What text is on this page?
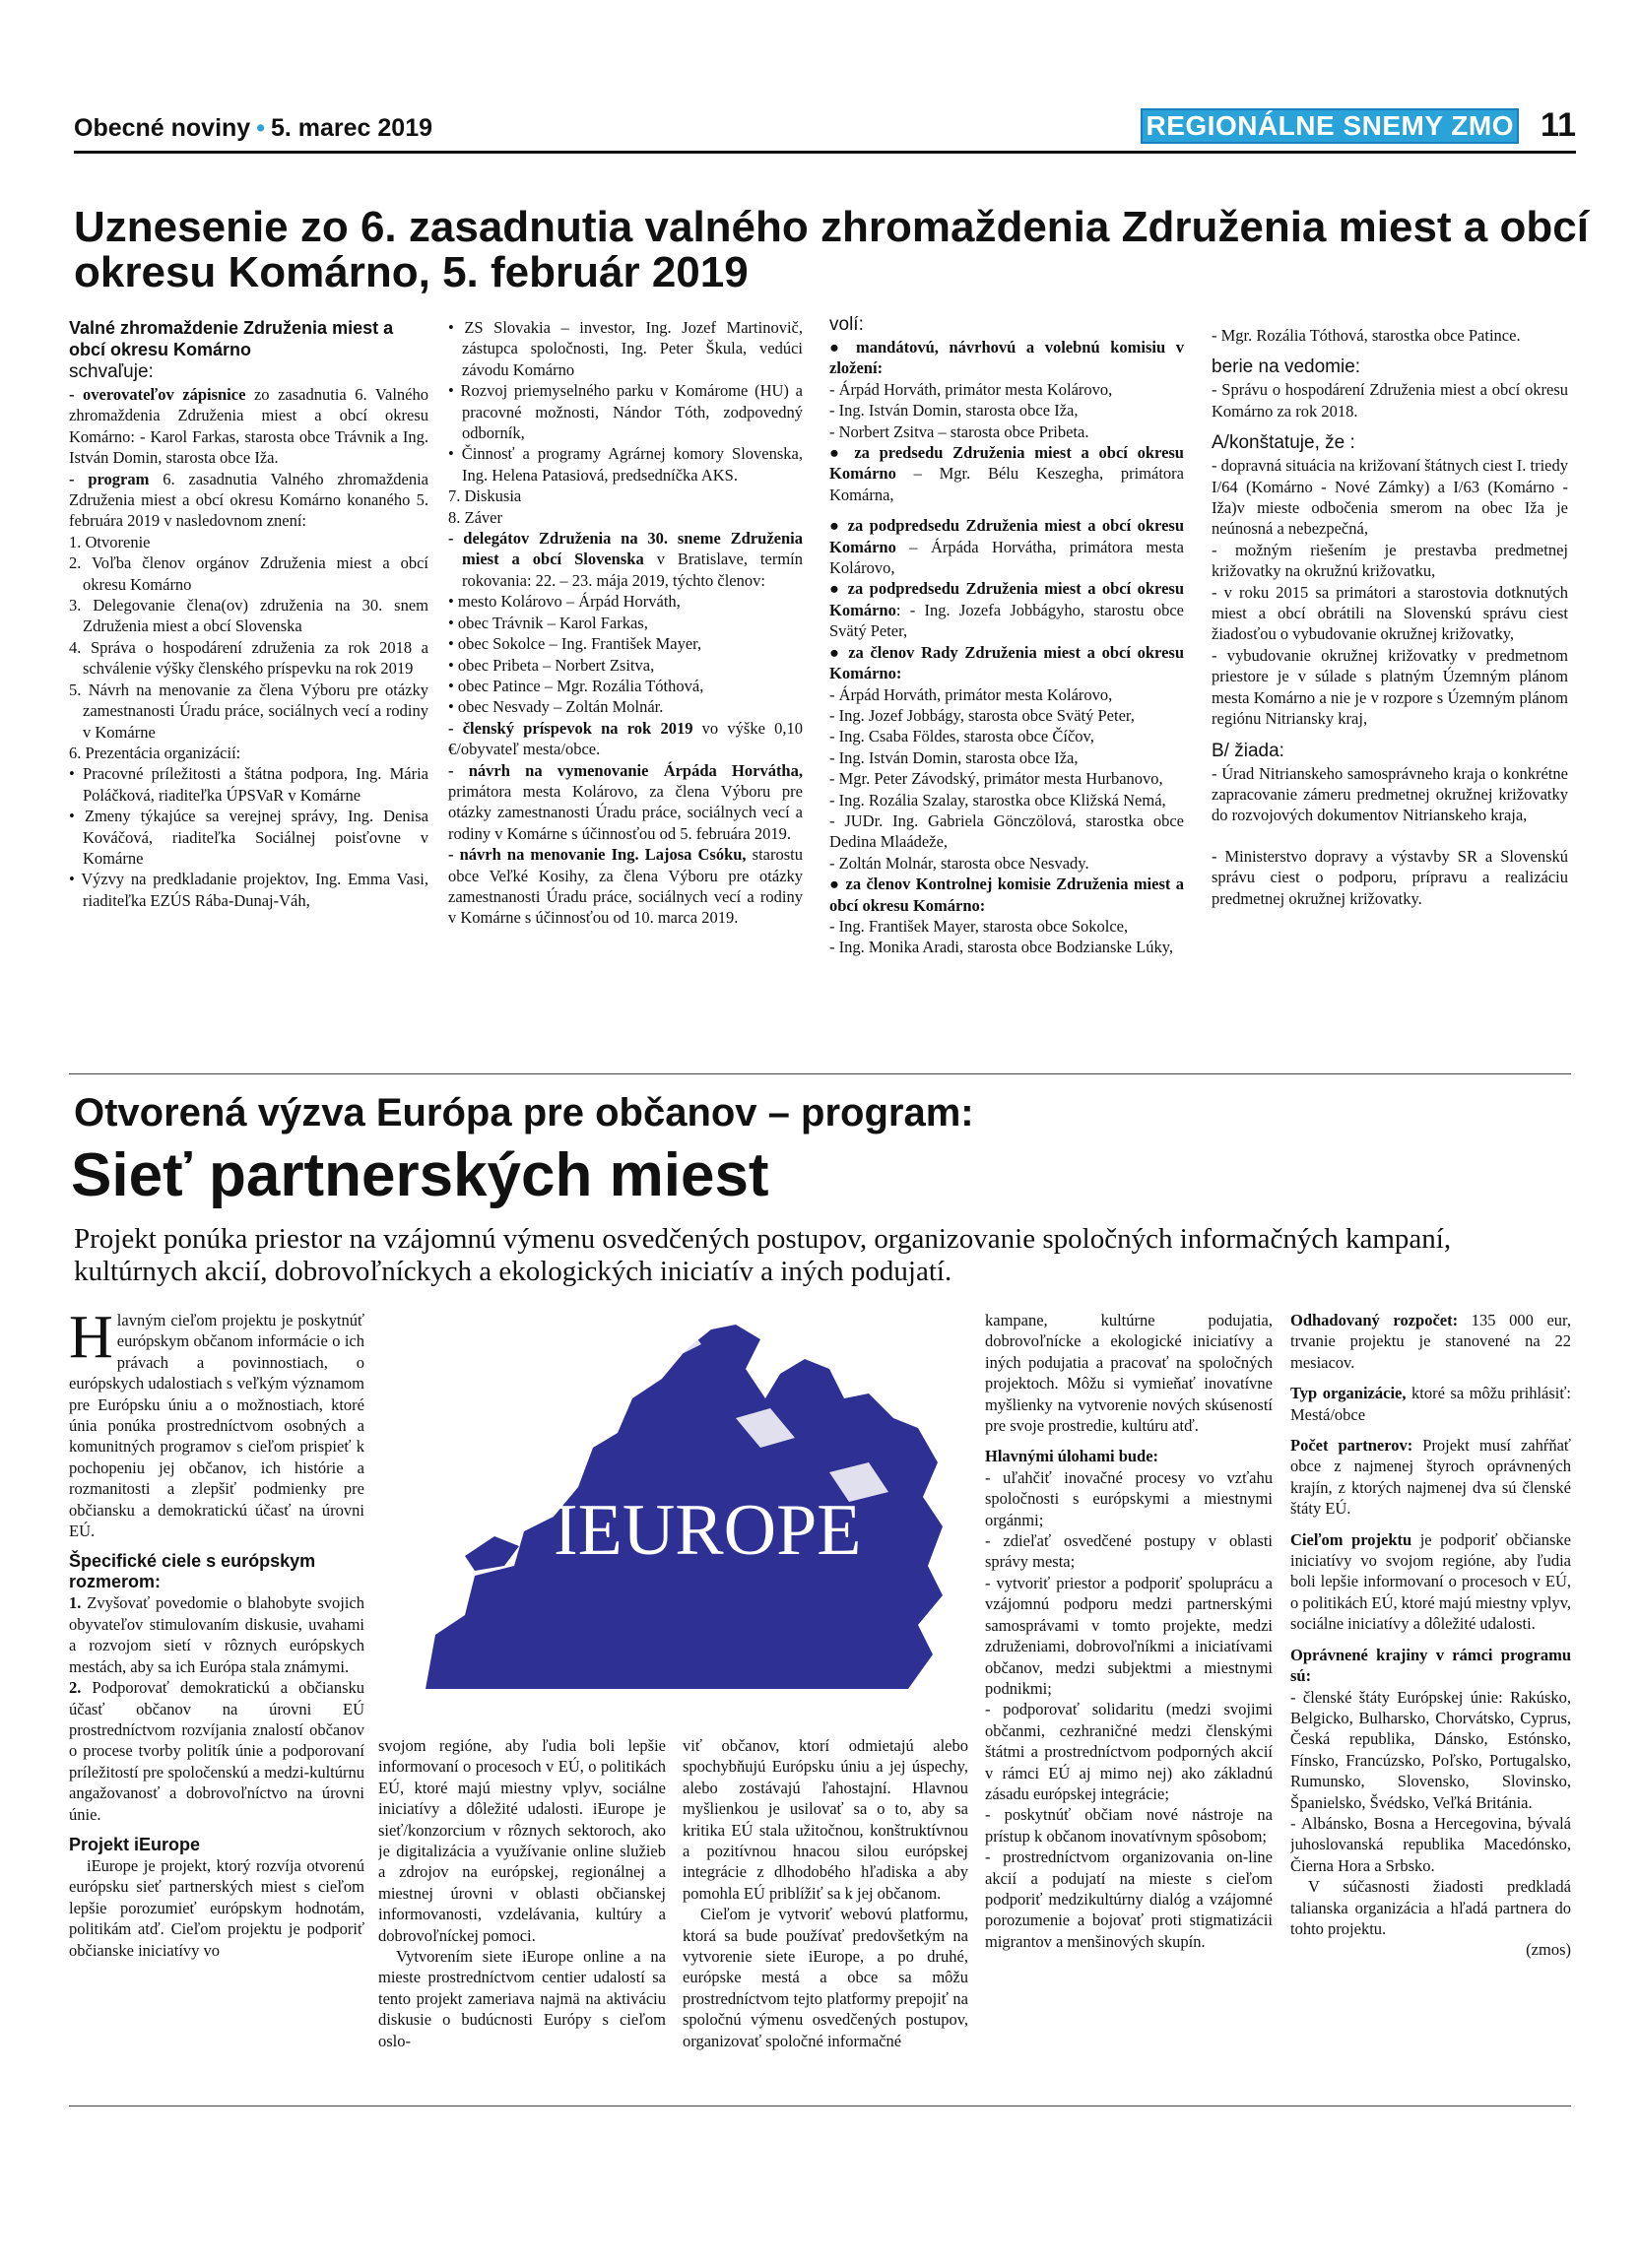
Obecné noviny • 5. marec 2019	REGIONÁLNE SNEMY ZMO 11
Uznesenie zo 6. zasadnutia valného zhromaždenia Združenia miest a obcí okresu Komárno, 5. február 2019
Valné zhromaždenie Združenia miest a obcí okresu Komárno
schvaľuje:

- overovateľov zápisnice zo zasadnutia 6. Valného zhromaždenia Združenia miest a obcí okresu Komárno: - Karol Farkas, starosta obce Trávnik a Ing. István Domin, starosta obce Iža.

- program 6. zasadnutia Valného zhromaždenia Združenia miest a obcí okresu Komárno konaného 5. februára 2019 v nasledovnom znení:

1. Otvorenie

2. Voľba členov orgánov Združenia miest a obcí okresu Komárno

3. Delegovanie člena(ov) združenia na 30. snem Združenia miest a obcí Slovenska

4. Správa o hospodárení združenia za rok 2018 a schválenie výšky členského príspevku na rok 2019

5. Návrh na menovanie za člena Výboru pre otázky zamestnanosti Úradu práce, sociálnych vecí a rodiny v Komárne

6. Prezentácia organizácií:

• Pracovné príležitosti a štátna podpora, Ing. Mária Poláčková, riaditeľka ÚPSVaR v Komárne

• Zmeny týkajúce sa verejnej správy, Ing. Denisa Kováčová, riaditeľka Sociálnej poisťovne v Komárne

• Výzvy na predkladanie projektov, Ing. Emma Vasi, riaditeľka EZÚS Rába-Dunaj-Váh,

• ZS Slovakia – investor, Ing. Jozef Martinovič, zástupca spoločnosti, Ing. Peter Škula, vedúci závodu Komárno

• Rozvoj priemyselného parku v Komárome (HU) a pracovné možnosti, Nándor Tóth, zodpovedný odborník,

• Činnosť a programy Agrárnej komory Slovenska, Ing. Helena Patasiová, predsedníčka AKS.

7. Diskusia

8. Záver

- delegátov Združenia na 30. sneme Združenia miest a obcí Slovenska v Bratislave, termín rokovania: 22. – 23. mája 2019, týchto členov:

• mesto Kolárovo – Árpád Horváth,

• obec Trávnik – Karol Farkas,

• obec Sokolce – Ing. František Mayer,

• obec Pribeta – Norbert Zsitva,

• obec Patince – Mgr. Rozália Tóthová,

• obec Nesvady – Zoltán Molnár.

- členský príspevok na rok 2019 vo výške 0,10 €/obyvateľ mesta/obce.

- návrh na vymenovanie Árpáda Horvátha, primátora mesta Kolárovo, za člena Výboru pre otázky zamestnanosti Úradu práce, sociálnych vecí a rodiny v Komárne s účinnosťou od 5. februára 2019.

- návrh na menovanie Ing. Lajosa Csóku, starostu obce Veľké Kosihy, za člena Výboru pre otázky zamestnanosti Úradu práce, sociálnych vecí a rodiny v Komárne s účinnosťou od 10. marca 2019.

volí:

● mandátovú, návrhovú a volebnú komisiu v zložení:

- Árpád Horváth, primátor mesta Kolárovo,

- Ing. István Domin, starosta obce Iža,

- Norbert Zsitva – starosta obce Pribeta.

● za predsedu Združenia miest a obcí okresu Komárno – Mgr. Bélu Keszegha, primátora Komárna,

● za podpredsedu Združenia miest a obcí okresu Komárno – Árpáda Horvátha, primátora mesta Kolárovo,

● za podpredsedu Združenia miest a obcí okresu Komárno: - Ing. Jozefa Jobbágyho, starostu obce Svätý Peter,

● za členov Rady Združenia miest a obcí okresu Komárno:

- Árpád Horváth, primátor mesta Kolárovo,

- Ing. Jozef Jobbágy, starosta obce Svätý Peter,

- Ing. Csaba Földes, starosta obce Číčov,

- Ing. István Domin, starosta obce Iža,

- Mgr. Peter Závodský, primátor mesta Hurbanovo,

- Ing. Rozália Szalay, starostka obce Kližská Nemá,

- JUDr. Ing. Gabriela Gönczölová, starostka obce Dedina Mlaádeže,

- Zoltán Molnár, starosta obce Nesvady.

● za členov Kontrolnej komisie Združenia miest a obcí okresu Komárno:

- Ing. František Mayer, starosta obce Sokolce,

- Ing. Monika Aradi, starosta obce Bodzianske Lúky,

- Mgr. Rozália Tóthová, starostka obce Patince.

berie na vedomie:

- Správu o hospodárení Združenia miest a obcí okresu Komárno za rok 2018.

A/konštatuje, že :

- dopravná situácia na križovaní štátnych ciest I. triedy I/64 (Komárno - Nové Zámky) a I/63 (Komárno - Iža)v mieste odbočenia smerom na obec Iža je neúnosná a nebezpečná,

- možným riešením je prestavba predmetnej križovatky na okružnú križovatku,

- v roku 2015 sa primátori a starostovia dotknutých miest a obcí obrátili na Slovenskú správu ciest žiadosťou o vybudovanie okružnej križovatky,

- vybudovanie okružnej križovatky v predmetnom priestore je v súlade s platným Územným plánom mesta Komárno a nie je v rozpore s Územným plánom regiónu Nitriansky kraj,

B/ žiada:

- Úrad Nitrianskeho samosprávneho kraja o konkrétne zapracovanie zámeru predmetnej okružnej križovatky do rozvojových dokumentov Nitrianskeho kraja,

- Ministerstvo dopravy a výstavby SR a Slovenskú správu ciest o podporu, prípravu a realizáciu predmetnej okružnej križovatky.

Otvorená výzva Európa pre občanov – program:
Sieť partnerských miest
Projekt ponúka priestor na vzájomnú výmenu osvedčených postupov, organizovanie spoločných informačných kampaní, kultúrnych akcií, dobrovoľníckych a ekologických iniciatív a iných podujatí.

Hlavným cieľom projektu je poskytnúť európskym občanom informácie o ich právach a povinnostiach, o európskych udalostiach s veľkým významom pre Európsku úniu a o možnostiach, ktoré únia ponúka prostredníctvom osobných a komunitných programov s cieľom prispieť k pochopeniu jej občanov, ich histórie a rozmanitosti a zlepšiť podmienky pre občiansku a demokratickú účasť na úrovni EÚ.

Špecifické ciele s európskym rozmerom:

1. Zvyšovať povedomie o blahobyte svojich obyvateľov stimulovaním diskusie, uvahami a rozvojom sietí v rôznych európskych mestách, aby sa ich Európa stala známymi.

2. Podporovať demokratickú a občiansku účasť občanov na úrovni EÚ prostredníctvom rozvíjania znalostí občanov o procese tvorby politík únie a podporovaní príležitostí pre spoločenskú a medzi-kultúrnu angažovanosť a dobrovoľníctvo na úrovni únie.

Projekt iEurope

iEurope je projekt, ktorý rozvíja otvorenú európsku sieť partnerských miest s cieľom lepšie porozumieť európskym hodnotám, politikám atď. Cieľom projektu je podporiť občianske iniciatívy vo

IEUROPE

svojom regióne, aby ľudia boli lepšie informovaní o procesoch v EÚ, o politikách EÚ, ktoré majú miestny vplyv, sociálne iniciatívy a dôležité udalosti. iEurope je sieť/konzorcium v rôznych sektoroch, ako je digitalizácia a využívanie online služieb a zdrojov na európskej, regionálnej a miestnej úrovni v oblasti občianskej informovanosti, vzdelávania, kultúry a dobrovoľníckej pomoci.

Vytvorením siete iEurope online a na mieste prostredníctvom centier udalostí sa tento projekt zameriava najmä na aktiváciu diskusie o budúcnosti Európy s cieľom oslo-

viť občanov, ktorí odmietajú alebo spochybňujú Európsku úniu a jej úspechy, alebo zostávajú ľahostajní. Hlavnou myšlienkou je usilovať sa o to, aby sa kritika EÚ stala užitočnou, konštruktívnou a pozitívnou hnacou silou európskej integrácie z dlhodobého hľadiska a aby pomohla EÚ priblížiť sa k jej občanom.

Cieľom je vytvoriť webovú platformu, ktorá sa bude používať predovšetkým na vytvorenie siete iEurope, a po druhé, európske mestá a obce sa môžu prostredníctvom tejto platformy prepojiť na spoločnú výmenu osvedčených postupov, organizovať spoločné informačné

kampane, kultúrne podujatia, dobrovoľnícke a ekologické iniciatívy a iných podujatia a pracovať na spoločných projektoch. Môžu si vymieňať inovatívne myšlienky na vytvorenie nových skúseností pre svoje prostredie, kultúru atď.

Hlavnými úlohami bude:

- uľahčiť inovačné procesy vo vzťahu spoločnosti s európskymi a miestnymi orgánmi;

- zdieľať osvedčené postupy v oblasti správy mesta;

- vytvoriť priestor a podporiť spoluprácu a vzájomnú podporu medzi partnerskými samosprávami v tomto projekte, medzi združeniami, dobrovoľníkmi a iniciatívami občanov, medzi subjektmi a miestnymi podnikmi;

- podporovať solidaritu (medzi svojimi občanmi, cezhraničné medzi členskými štátmi a prostredníctvom podporných akcií v rámci EÚ aj mimo nej) ako základnú zásadu európskej integrácie;

- poskytnúť občiam nové nástroje na prístup k občanom inovatívnym spôsobom;

- prostredníctvom organizovania on-line akcií a podujatí na mieste s cieľom podporiť medzikultúrny dialóg a vzájomné porozumenie a bojovať proti stigmatizácii migrantov a menšinových skupín.

Odhadovaný rozpočet: 135 000 eur, trvanie projektu je stanovené na 22 mesiacov.

Typ organizácie, ktoré sa môžu prihlásiť: Mestá/obce

Počet partnerov: Projekt musí zahŕňať obce z najmenej štyroch oprávnených krajín, z ktorých najmenej dva sú členské štáty EÚ.

Cieľom projektu je podporiť občianske iniciatívy vo svojom regióne, aby ľudia boli lepšie informovaní o procesoch v EÚ, o politikách EÚ, ktoré majú miestny vplyv, sociálne iniciatívy a dôležité udalosti.

Oprávnené krajiny v rámci programu sú:

- členské štáty Európskej únie: Rakúsko, Belgicko, Bulharsko, Chorvátsko, Cyprus, Česká republika, Dánsko, Estónsko, Fínsko, Francúzsko, Poľsko, Portugalsko, Rumunsko, Slovensko, Slovinsko, Španielsko, Švédsko, Veľká Británia.

- Albánsko, Bosna a Hercegovina, bývalá juhoslovanská republika Macedónsko, Čierna Hora a Srbsko.

V súčasnosti žiadosti predkladá talianska organizácia a hľadá partnera do tohto projektu.

(zmos)
